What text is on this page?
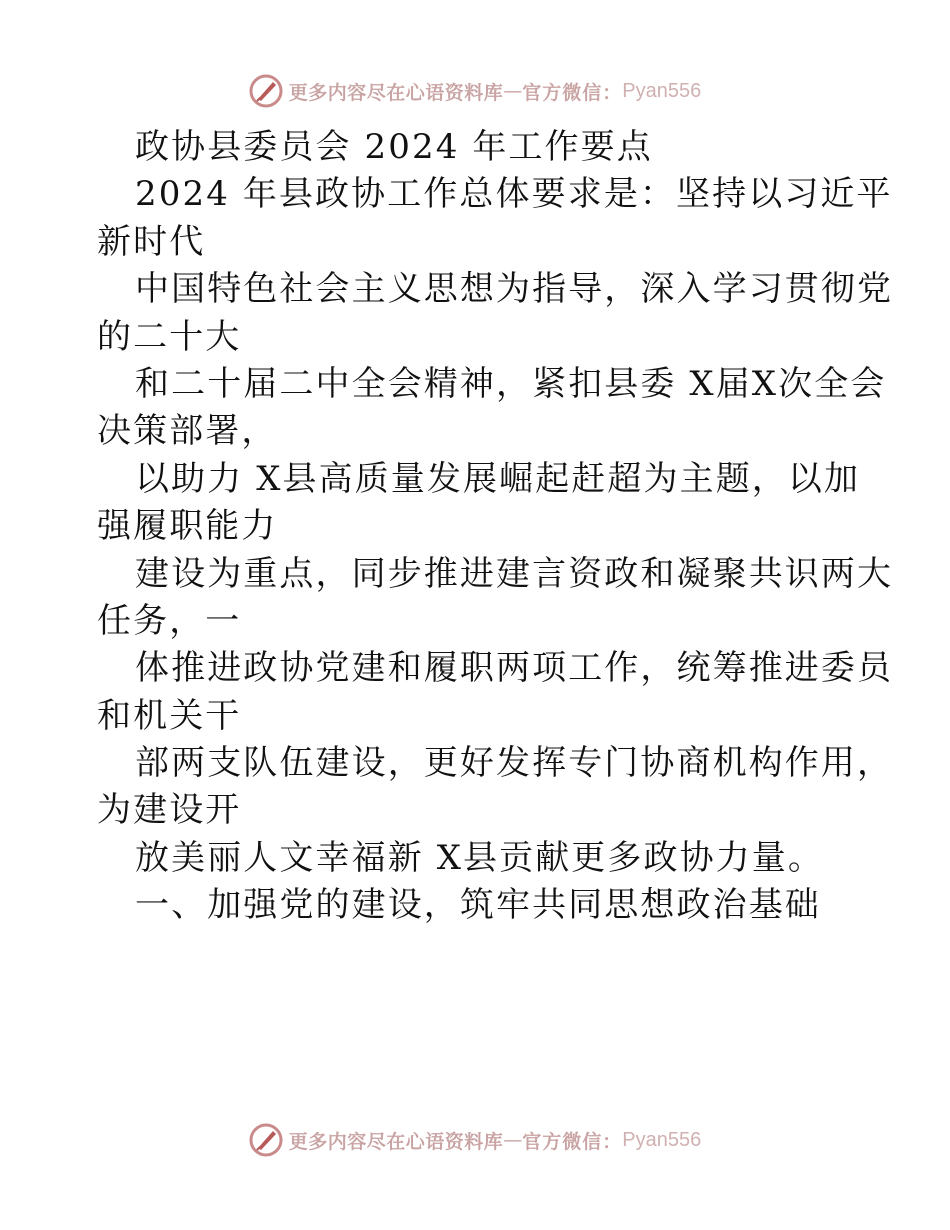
更多内容尽在心语资料库 — 官方微信： Pyan556
政协县委员会 2024 年工作要点
2024 年县政协工作总体要求是：坚持以习近平
新时代
中国特色社会主义思想为指导，深入学习贯彻党
的二十大
和二十届二中全会精神，紧扣县委 X届X次全会
决策部署，
以助力 X县高质量发展崛起赶超为主题，以加
强履职能力
建设为重点，同步推进建言资政和凝聚共识两大
任务，一
体推进政协党建和履职两项工作，统筹推进委员
和机关干
部两支队伍建设，更好发挥专门协商机构作用，
为建设开
放美丽人文幸福新 X县贡献更多政协力量。
一、加强党的建设，筑牢共同思想政治基础
更多内容尽在心语资料库 — 官方微信： Pyan556
